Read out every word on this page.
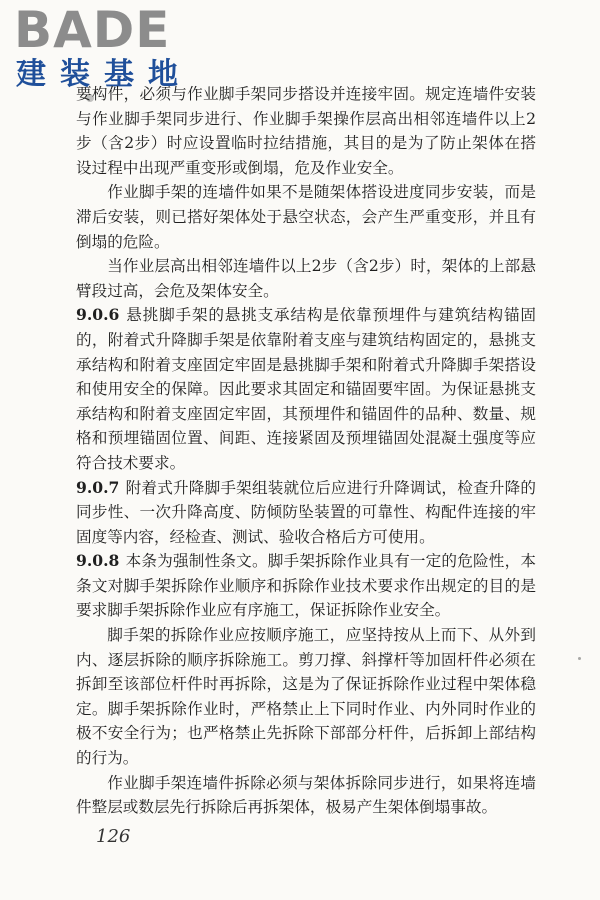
BADE
建装基地

要构件，必须与作业脚手架同步搭设并连接牢固。规定连墙件安装与作业脚手架同步进行、作业脚手架操作层高出相邻连墙件以上2步（含2步）时应设置临时拉结措施，其目的是为了防止架体在搭设过程中出现严重变形或倒塌，危及作业安全。

作业脚手架的连墙件如果不是随架体搭设进度同步安装，而是滞后安装，则已搭好架体处于悬空状态，会产生严重变形，并且有倒塌的危险。

当作业层高出相邻连墙件以上2步（含2步）时，架体的上部悬臂段过高，会危及架体安全。

9.0.6 悬挑脚手架的悬挑支承结构是依靠预埋件与建筑结构锚固的，附着式升降脚手架是依靠附着支座与建筑结构固定的，悬挑支承结构和附着支座固定牢固是悬挑脚手架和附着式升降脚手架搭设和使用安全的保障。因此要求其固定和锚固要牢固。为保证悬挑支承结构和附着支座固定牢固，其预埋件和锚固件的品种、数量、规格和预埋锚固位置、间距、连接紧固及预埋锚固处混凝土强度等应符合技术要求。

9.0.7 附着式升降脚手架组装就位后应进行升降调试，检查升降的同步性、一次升降高度、防倾防坠装置的可靠性、构配件连接的牢固度等内容，经检查、测试、验收合格后方可使用。

9.0.8 本条为强制性条文。脚手架拆除作业具有一定的危险性，本条文对脚手架拆除作业顺序和拆除作业技术要求作出规定的目的是要求脚手架拆除作业应有序施工，保证拆除作业安全。

脚手架的拆除作业应按顺序施工，应坚持按从上而下、从外到内、逐层拆除的顺序拆除施工。剪刀撑、斜撑杆等加固杆件必须在拆卸至该部位杆件时再拆除，这是为了保证拆除作业过程中架体稳定。脚手架拆除作业时，严格禁止上下同时作业、内外同时作业的极不安全行为；也严格禁止先拆除下部部分杆件，后拆卸上部结构的行为。

作业脚手架连墙件拆除必须与架体拆除同步进行，如果将连墙件整层或数层先行拆除后再拆架体，极易产生架体倒塌事故。

126
